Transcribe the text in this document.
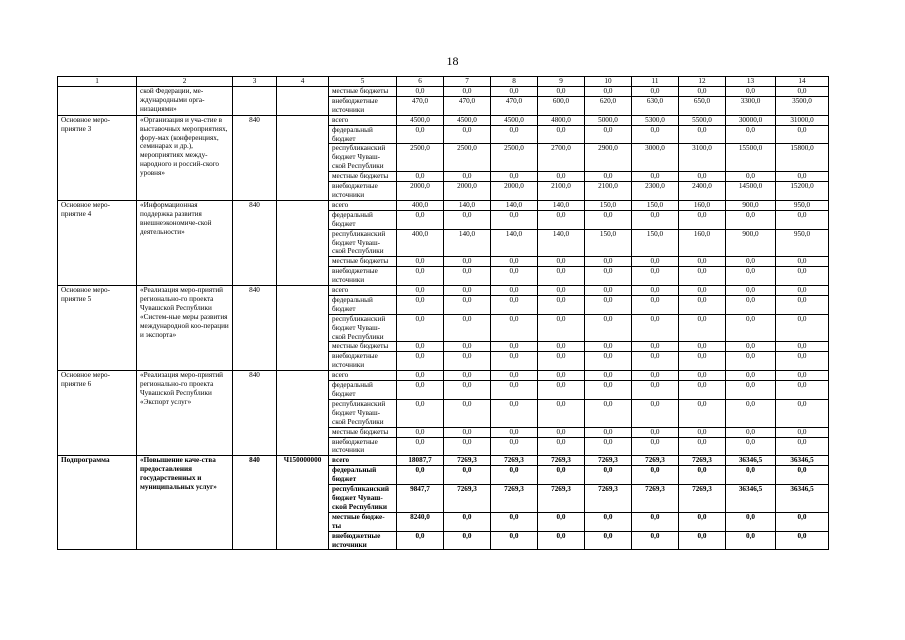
18
1	2	3	4	5	6	7	8	9	10	11	12	13	14
	ской Федерации, ме-ждународными орга-низациями»			местные бюджеты	0,0	0,0	0,0	0,0	0,0	0,0	0,0	0,0	0,0
				внебюджетные источники	470,0	470,0	470,0	600,0	620,0	630,0	650,0	3300,0	3500,0
Основное меро-приятие 3	«Организация и уча-стие в выставочных мероприятиях, фору-мах (конференциях, семинарах и др.), мероприятиях между-народного и россий-ского уровня»	840		всего	4500,0	4500,0	4500,0	4800,0	5000,0	5300,0	5500,0	30000,0	31000,0
				федеральный бюджет	0,0	0,0	0,0	0,0	0,0	0,0	0,0	0,0	0,0
				республиканский бюджет Чуваш-ской Республики	2500,0	2500,0	2500,0	2700,0	2900,0	3000,0	3100,0	15500,0	15800,0
				местные бюджеты	0,0	0,0	0,0	0,0	0,0	0,0	0,0	0,0	0,0
				внебюджетные источники	2000,0	2000,0	2000,0	2100,0	2100,0	2300,0	2400,0	14500,0	15200,0
Основное меро-приятие 4	«Информационная поддержка развития внешнеэкономиче-ской деятельности»	840		всего	400,0	140,0	140,0	140,0	150,0	150,0	160,0	900,0	950,0
				федеральный бюджет	0,0	0,0	0,0	0,0	0,0	0,0	0,0	0,0	0,0
				республиканский бюджет Чуваш-ской Республики	400,0	140,0	140,0	140,0	150,0	150,0	160,0	900,0	950,0
				местные бюджеты	0,0	0,0	0,0	0,0	0,0	0,0	0,0	0,0	0,0
				внебюджетные источники	0,0	0,0	0,0	0,0	0,0	0,0	0,0	0,0	0,0
Основное меро-приятие 5	«Реализация меро-приятий регионально-го проекта Чувашской Республики «Систем-ные меры развития международной коо-перации и экспорта»	840		всего	0,0	0,0	0,0	0,0	0,0	0,0	0,0	0,0	0,0
				федеральный бюджет	0,0	0,0	0,0	0,0	0,0	0,0	0,0	0,0	0,0
				республиканский бюджет Чуваш-ской Республики	0,0	0,0	0,0	0,0	0,0	0,0	0,0	0,0	0,0
				местные бюджеты	0,0	0,0	0,0	0,0	0,0	0,0	0,0	0,0	0,0
				внебюджетные источники	0,0	0,0	0,0	0,0	0,0	0,0	0,0	0,0	0,0
Основное меро-приятие 6	«Реализация меро-приятий регионально-го проекта Чувашской Республики «Экспорт услуг»	840		всего	0,0	0,0	0,0	0,0	0,0	0,0	0,0	0,0	0,0
				федеральный бюджет	0,0	0,0	0,0	0,0	0,0	0,0	0,0	0,0	0,0
				республиканский бюджет Чуваш-ской Республики	0,0	0,0	0,0	0,0	0,0	0,0	0,0	0,0	0,0
				местные бюджеты	0,0	0,0	0,0	0,0	0,0	0,0	0,0	0,0	0,0
				внебюджетные источники	0,0	0,0	0,0	0,0	0,0	0,0	0,0	0,0	0,0
Подпрограмма	«Повышение каче-ства предоставления государственных и муниципальных услуг»	840	Ч150000000	всего	18087,7	7269,3	7269,3	7269,3	7269,3	7269,3	7269,3	36346,5	36346,5
				федеральный бюджет	0,0	0,0	0,0	0,0	0,0	0,0	0,0	0,0	0,0
				республиканский бюджет Чуваш-ской Республики	9847,7	7269,3	7269,3	7269,3	7269,3	7269,3	7269,3	36346,5	36346,5
				местные бюдже-ты	8240,0	0,0	0,0	0,0	0,0	0,0	0,0	0,0	0,0
				внебюджетные источники	0,0	0,0	0,0	0,0	0,0	0,0	0,0	0,0	0,0
